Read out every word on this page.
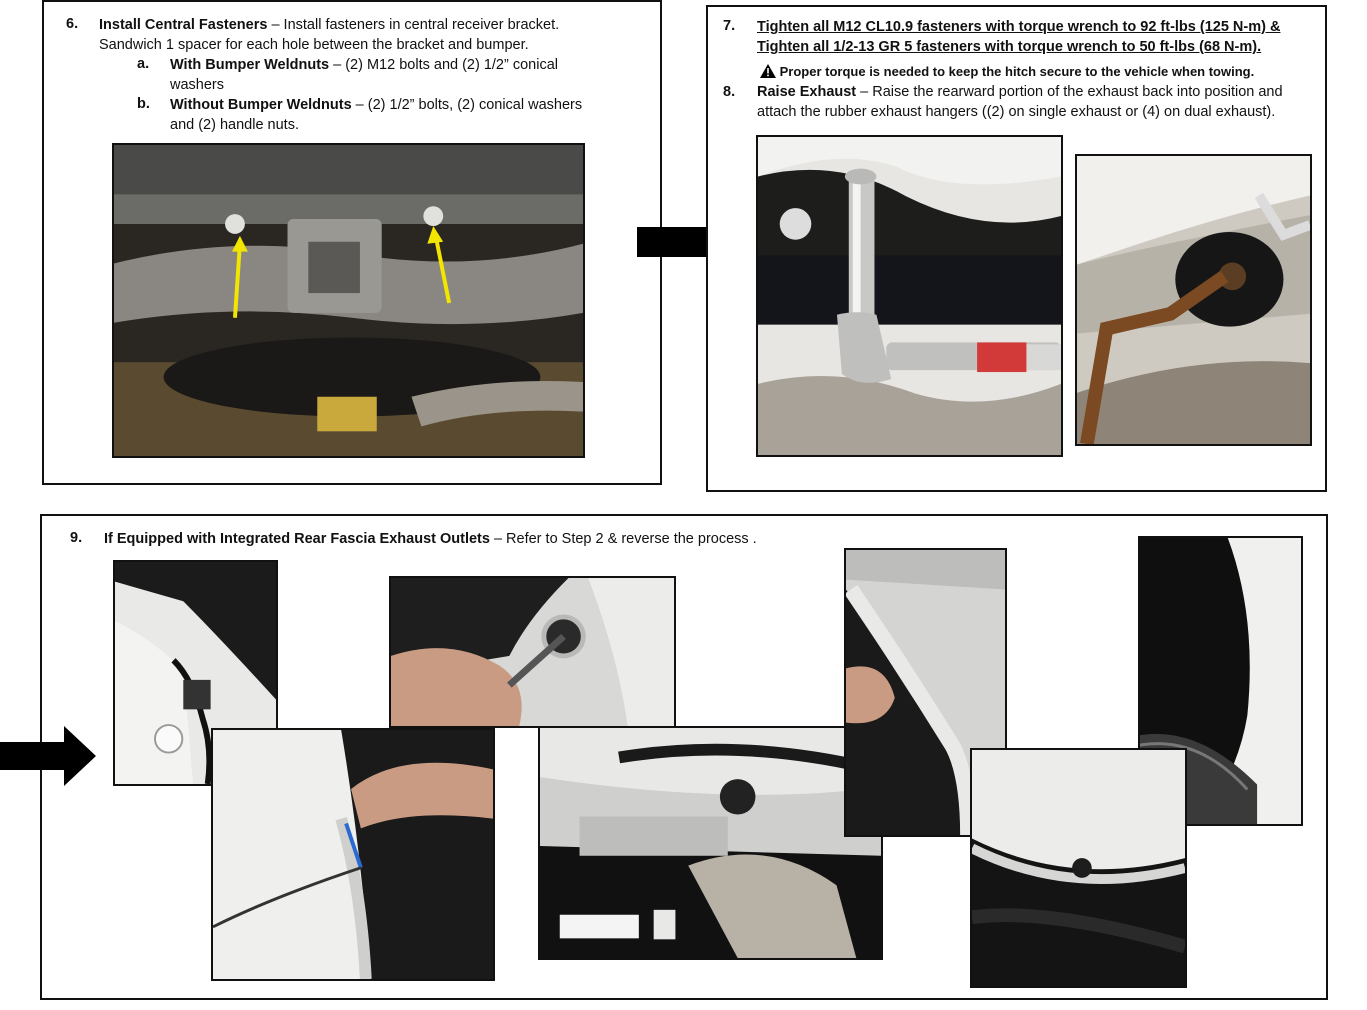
6. Install Central Fasteners – Install fasteners in central receiver bracket.
Sandwich 1 spacer for each hole between the bracket and bumper.
a. With Bumper Weldnuts – (2) M12 bolts and (2) 1/2” conical
washers
b. Without Bumper Weldnuts – (2) 1/2” bolts, (2) conical washers
and (2) handle nuts.
7. Tighten all M12 CL10.9 fasteners with torque wrench to 92 ft-lbs (125 N-m) &
Tighten all 1/2-13 GR 5 fasteners with torque wrench to 50 ft-lbs (68 N-m).
Proper torque is needed to keep the hitch secure to the vehicle when towing.
8. Raise Exhaust – Raise the rearward portion of the exhaust back into position and
attach the rubber exhaust hangers ((2) on single exhaust or (4) on dual exhaust).
9. If Equipped with Integrated Rear Fascia Exhaust Outlets – Refer to Step 2 & reverse the process .
